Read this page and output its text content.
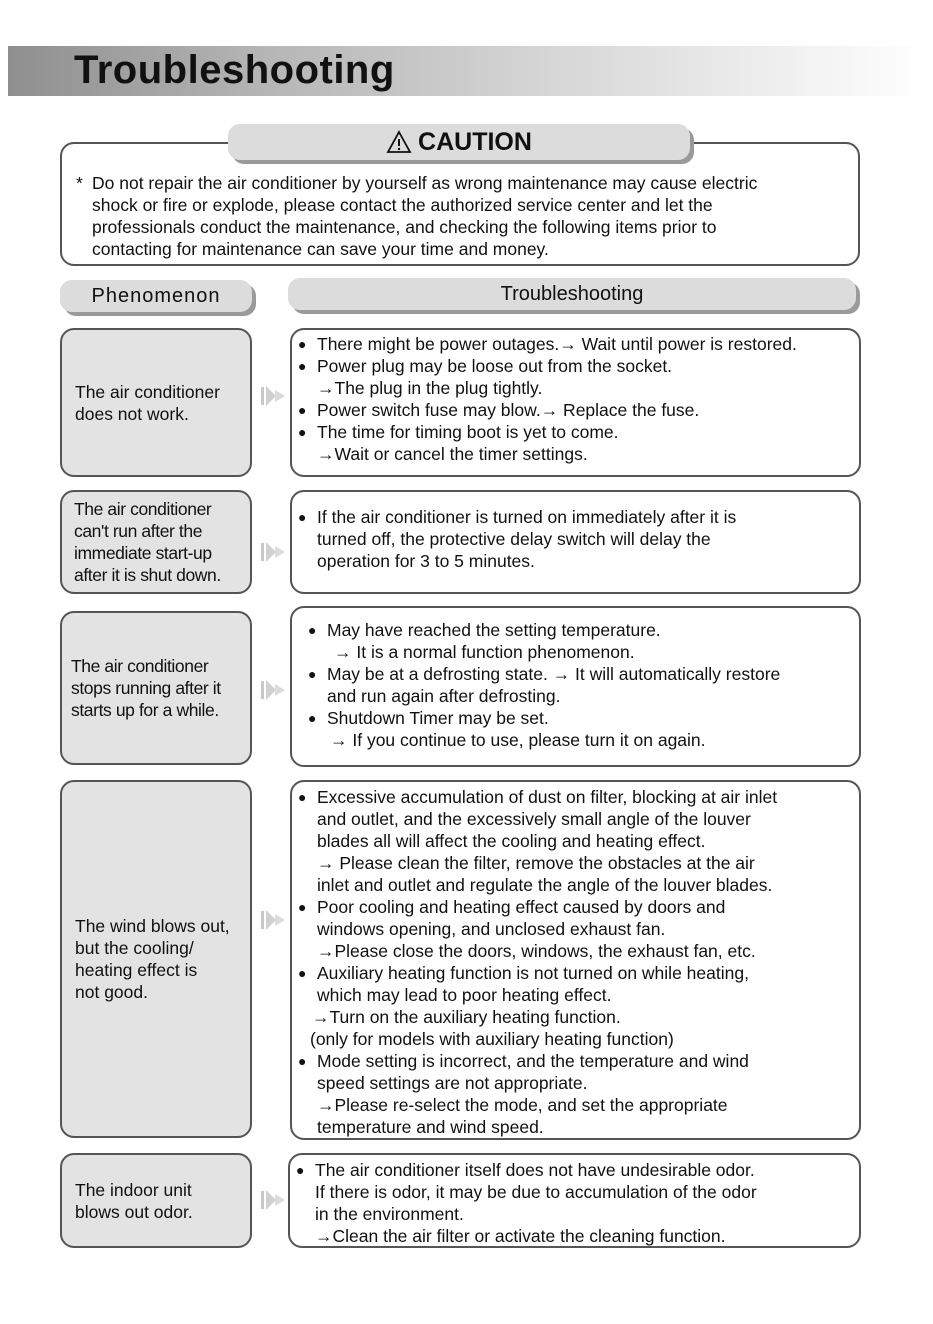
Troubleshooting
CAUTION
* Do not repair the air conditioner by yourself as wrong maintenance may cause electric
shock or fire or explode, please contact the authorized service center and let the
professionals conduct the maintenance, and checking the following items prior to
contacting for maintenance can save your time and money.
Phenomenon	Troubleshooting
The air conditioner
does not work.
● There might be power outages.→ Wait until power is restored.
● Power plug may be loose out from the socket.
→The plug in the plug tightly.
● Power switch fuse may blow.→ Replace the fuse.
● The time for timing boot is yet to come.
→Wait or cancel the timer settings.
The air conditioner
can't run after the
immediate start-up
after it is shut down.
● If the air conditioner is turned on immediately after it is
turned off, the protective delay switch will delay the
operation for 3 to 5 minutes.
The air conditioner
stops running after it
starts up for a while.
● May have reached the setting temperature.
→ It is a normal function phenomenon.
● May be at a defrosting state. → It will automatically restore
and run again after defrosting.
● Shutdown Timer may be set.
→ If you continue to use, please turn it on again.
The wind blows out,
but the cooling/
heating effect is
not good.
● Excessive accumulation of dust on filter, blocking at air inlet
and outlet, and the excessively small angle of the louver
blades all will affect the cooling and heating effect.
→ Please clean the filter, remove the obstacles at the air
inlet and outlet and regulate the angle of the louver blades.
● Poor cooling and heating effect caused by doors and
windows opening, and unclosed exhaust fan.
→Please close the doors, windows, the exhaust fan, etc.
● Auxiliary heating function is not turned on while heating,
which may lead to poor heating effect.
→Turn on the auxiliary heating function.
(only for models with auxiliary heating function)
● Mode setting is incorrect, and the temperature and wind
speed settings are not appropriate.
→Please re-select the mode, and set the appropriate
temperature and wind speed.
The indoor unit
blows out odor.
● The air conditioner itself does not have undesirable odor.
If there is odor, it may be due to accumulation of the odor
in the environment.
→Clean the air filter or activate the cleaning function.
